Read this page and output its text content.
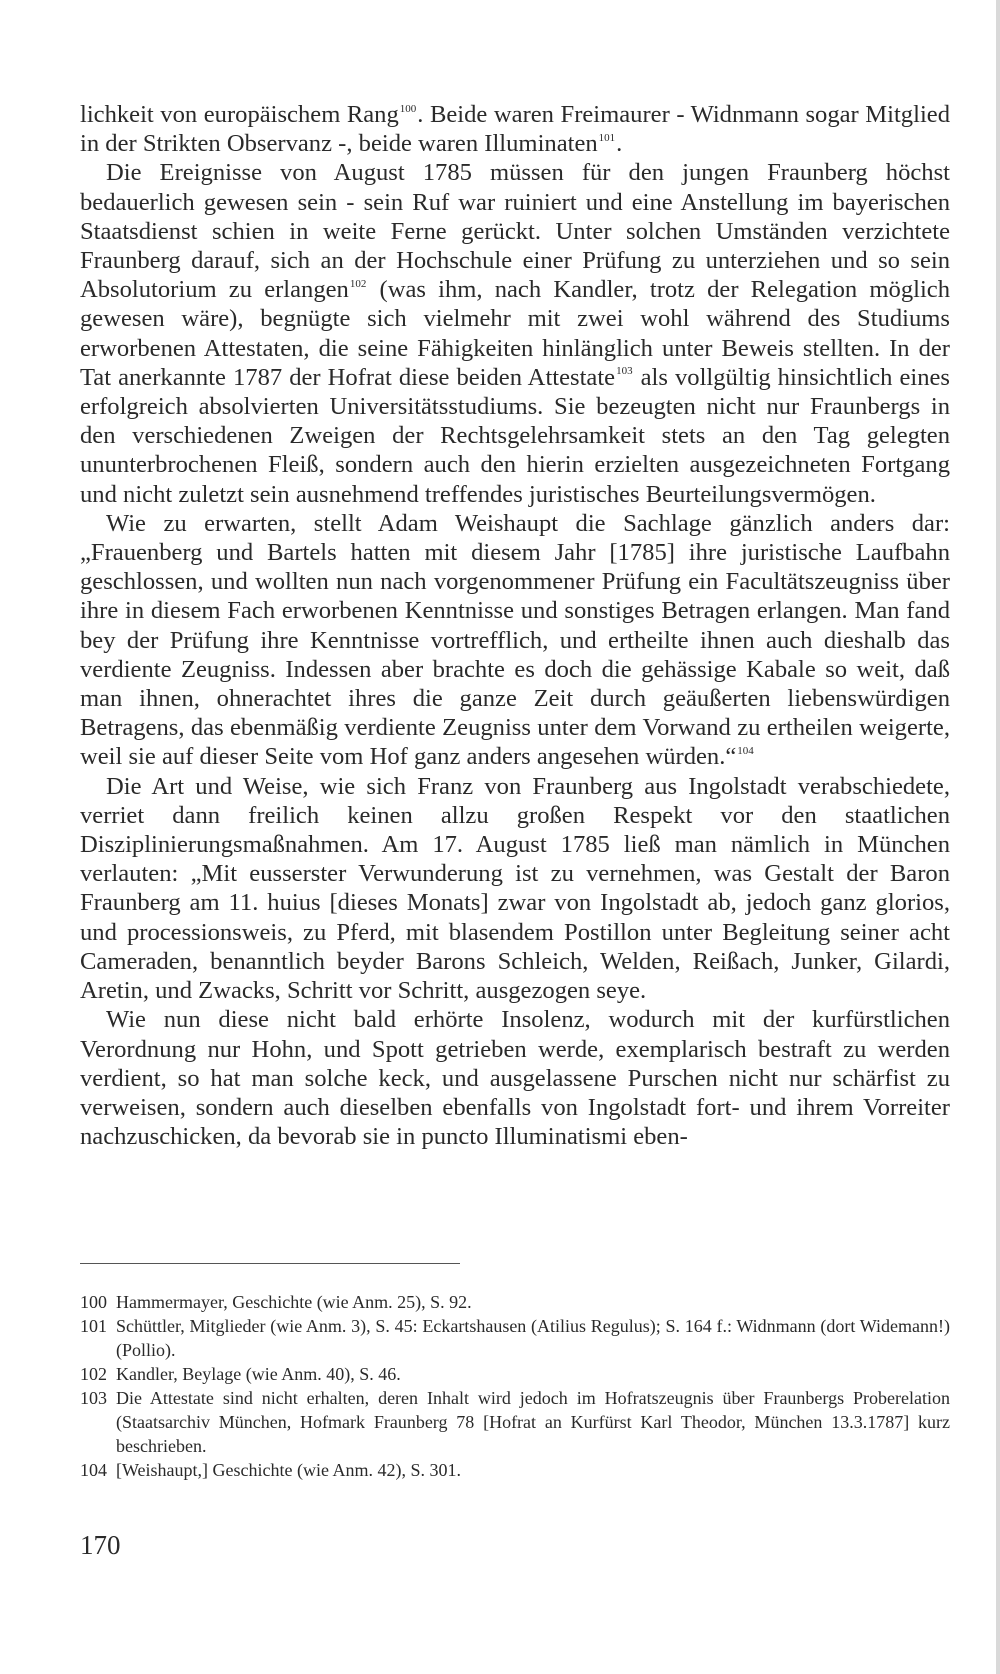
lichkeit von europäischem Rang$^{100}$. Beide waren Freimaurer - Widnmann sogar Mitglied in der Strikten Observanz -, beide waren Illuminaten$^{101}$.

Die Ereignisse von August 1785 müssen für den jungen Fraunberg höchst bedauerlich gewesen sein - sein Ruf war ruiniert und eine Anstellung im bayerischen Staatsdienst schien in weite Ferne gerückt. Unter solchen Umständen verzichtete Fraunberg darauf, sich an der Hochschule einer Prüfung zu unterziehen und so sein Absolutorium zu erlangen$^{102}$ (was ihm, nach Kandler, trotz der Relegation möglich gewesen wäre), begnügte sich vielmehr mit zwei wohl während des Studiums erworbenen Attestaten, die seine Fähigkeiten hinlänglich unter Beweis stellten. In der Tat anerkannte 1787 der Hofrat diese beiden Attestate$^{103}$ als vollgültig hinsichtlich eines erfolgreich absolvierten Universitätsstudiums. Sie bezeugten nicht nur Fraunbergs in den verschiedenen Zweigen der Rechtsgelehrsamkeit stets an den Tag gelegten ununterbrochenen Fleiß, sondern auch den hierin erzielten ausgezeichneten Fortgang und nicht zuletzt sein ausnehmend treffendes juristisches Beurteilungsvermögen.

Wie zu erwarten, stellt Adam Weishaupt die Sachlage gänzlich anders dar: „Frauenberg und Bartels hatten mit diesem Jahr [1785] ihre juristische Laufbahn geschlossen, und wollten nun nach vorgenommener Prüfung ein Facultätszeugniss über ihre in diesem Fach erworbenen Kenntnisse und sonstiges Betragen erlangen. Man fand bey der Prüfung ihre Kenntnisse vortrefflich, und ertheilte ihnen auch dieshalb das verdiente Zeugniss. Indessen aber brachte es doch die gehässige Kabale so weit, daß man ihnen, ohnerachtet ihres die ganze Zeit durch geäußerten liebenswürdigen Betragens, das ebenmäßig verdiente Zeugniss unter dem Vorwand zu ertheilen weigerte, weil sie auf dieser Seite vom Hof ganz anders angesehen würden.“$^{104}$

Die Art und Weise, wie sich Franz von Fraunberg aus Ingolstadt verabschiedete, verriet dann freilich keinen allzu großen Respekt vor den staatlichen Disziplinierungsmaßnahmen. Am 17. August 1785 ließ man nämlich in München verlauten: „Mit eusserster Verwunderung ist zu vernehmen, was Gestalt der Baron Fraunberg am 11. huius [dieses Monats] zwar von Ingolstadt ab, jedoch ganz glorios, und processionsweis, zu Pferd, mit blasendem Postillon unter Begleitung seiner acht Cameraden, benanntlich beyder Barons Schleich, Welden, Reißach, Junker, Gilardi, Aretin, und Zwacks, Schritt vor Schritt, ausgezogen seye.

Wie nun diese nicht bald erhörte Insolenz, wodurch mit der kurfürstlichen Verordnung nur Hohn, und Spott getrieben werde, exemplarisch bestraft zu werden verdient, so hat man solche keck, und ausgelassene Purschen nicht nur schärfist zu verweisen, sondern auch dieselben ebenfalls von Ingolstadt fort- und ihrem Vorreiter nachzuschicken, da bevorab sie in puncto Illuminatismi eben-

100 Hammermayer, Geschichte (wie Anm. 25), S. 92.
101 Schüttler, Mitglieder (wie Anm. 3), S. 45: Eckartshausen (Atilius Regulus); S. 164 f.: Widnmann (dort Widemann!) (Pollio).
102 Kandler, Beylage (wie Anm. 40), S. 46.
103 Die Attestate sind nicht erhalten, deren Inhalt wird jedoch im Hofratszeugnis über Fraunbergs Proberelation (Staatsarchiv München, Hofmark Fraunberg 78 [Hofrat an Kurfürst Karl Theodor, München 13.3.1787] kurz beschrieben.
104 [Weishaupt,] Geschichte (wie Anm. 42), S. 301.
170
